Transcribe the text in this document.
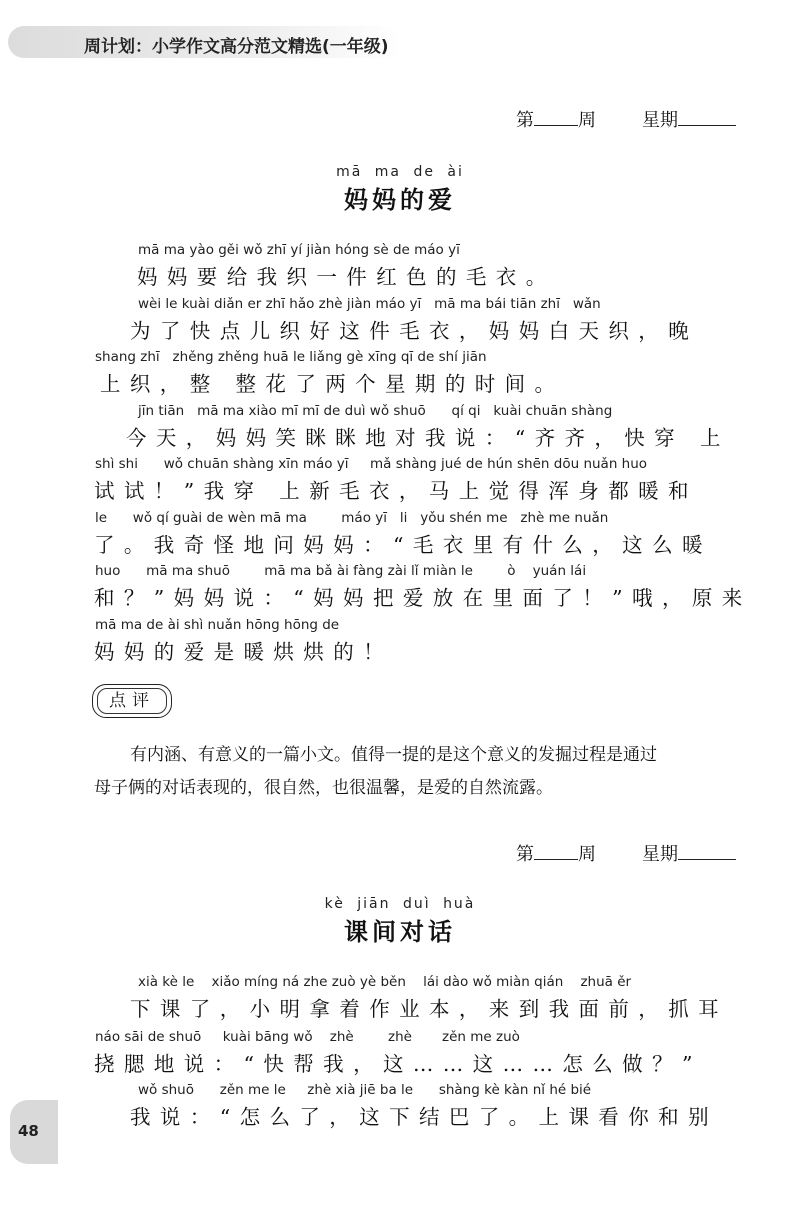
周计划：小学作文高分范文精选(一年级)
第 周	星期
mā ma de ài
妈妈的爱
mā ma yào gěi wǒ zhī yí jiàn hóng sè de máo yī
妈妈要给我织一件红色的毛衣。
wèi le kuài diǎn er zhī hǎo zhè jiàn máo yī   mā ma bái tiān zhī   wǎn
为了快点儿织好这件毛衣，妈妈白天织，晚
shang zhī   zhěng zhěng huā le liǎng gè xīng qī de shí jiān
上织，整 整花了两个星期的时间。
jīn tiān   mā ma xiào mī mī de duì wǒ shuō      qí qi   kuài chuān shàng
今天，妈妈笑眯眯地对我说：“齐齐，快穿 上
shì shi      wǒ chuān shàng xīn máo yī     mǎ shàng jué de hún shēn dōu nuǎn huo
试试！”我穿 上新毛衣，马上觉得浑身都暖和
le      wǒ qí guài de wèn mā ma        máo yī   li   yǒu shén me   zhè me nuǎn
了。我奇怪地问妈妈：“毛衣里有什么，这么暖
huo      mā ma shuō        mā ma bǎ ài fàng zài lǐ miàn le        ò    yuán lái
和？”妈妈说：“妈妈把爱放在里面了！”哦，原来
mā ma de ài shì nuǎn hōng hōng de
妈妈的爱是暖烘烘的！
点评
有内涵、有意义的一篇小文。值得一提的是这个意义的发掘过程是通过
母子俩的对话表现的，很自然，也很温馨，是爱的自然流露。
第 周	星期
kè jiān duì huà
课间对话
xià kè le    xiǎo míng ná zhe zuò yè běn    lái dào wǒ miàn qián    zhuā ěr
下课了，小明拿着作业本，来到我面前，抓耳
náo sāi de shuō     kuài bāng wǒ    zhè        zhè       zěn me zuò
挠腮地说：“快帮我，这……这……怎么做？”
wǒ shuō      zěn me le     zhè xià jiē ba le      shàng kè kàn nǐ hé bié
我说：“怎么了，这下结巴了。上课看你和别
48
